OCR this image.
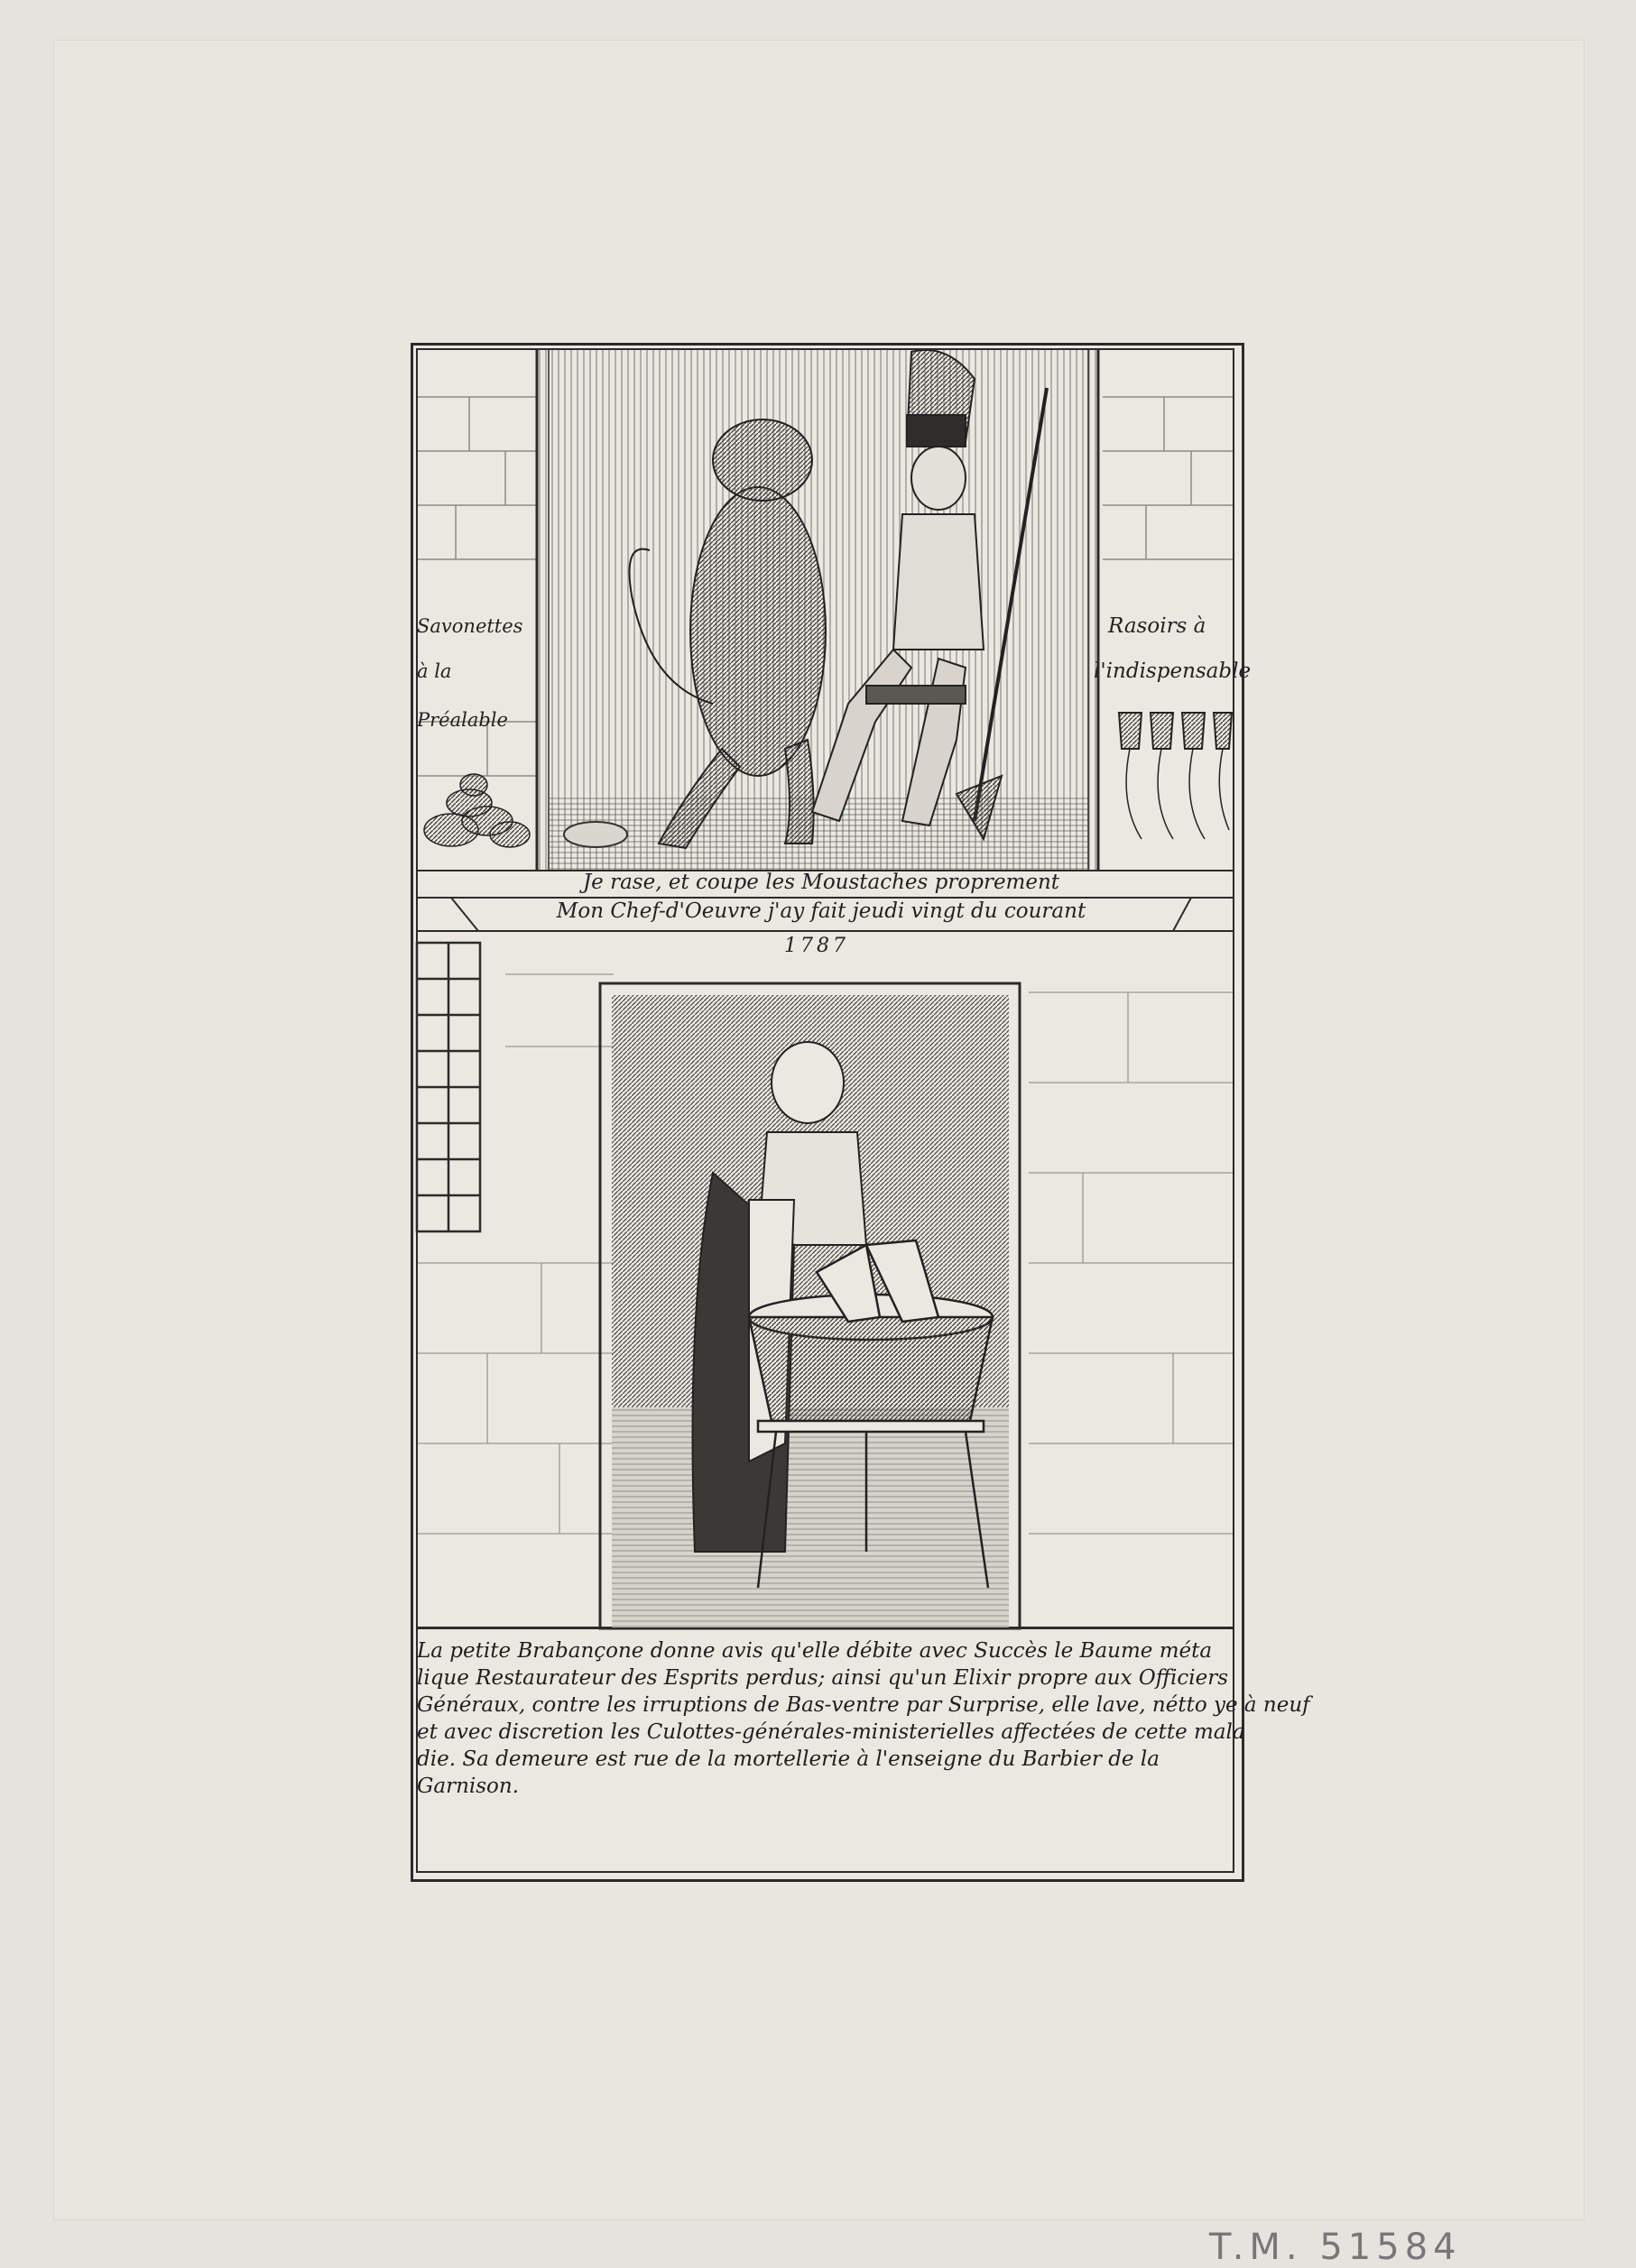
Savonettes
à la Préalable
Rasoirs à
l'indispensable
Je rase, et coupe les Moustaches proprement
Mon Chef-d'Oeuvre j'ay fait jeudi vingt du courant
1787
La petite Brabançone donne avis qu'elle débite avec Succès le Baume méta
lique Restaurateur des Esprits perdus; ainsi qu'un Elixir propre aux Officiers
Généraux, contre les irruptions de Bas-ventre par Surprise, elle lave, nétto ye à neuf
et avec discretion les Culottes-générales-ministerielles affectées de cette mala
die. Sa demeure est rue de la mortellerie à l'enseigne du Barbier de la
Garnison.
T.M. 51584
